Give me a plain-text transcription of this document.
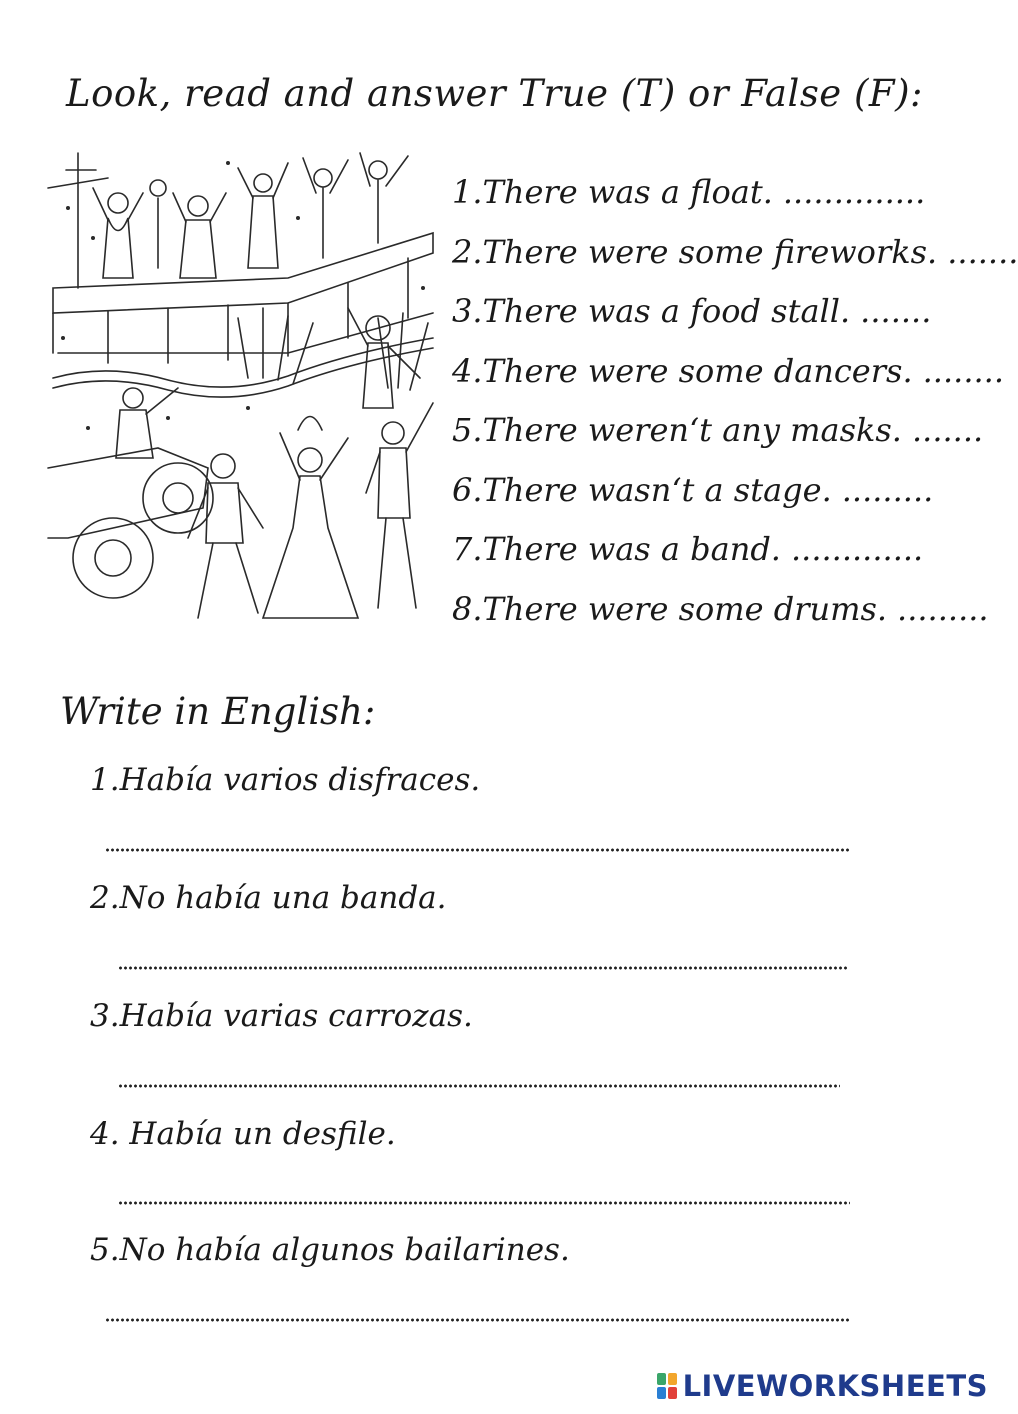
Look, read and answer True (T) or False (F):
1.There was a float. ..............
2.There were some fireworks. .......
3.There was a food stall. .......
4.There were some dancers. ........
5.There weren‘t any masks. .......
6.There wasn‘t a stage. .........
7.There was a band. .............
8.There were some drums. .........
Write in English:
1.Había varios disfraces.
2.No había una banda.
3.Había varias carrozas.
4. Había un desfile.
5.No había algunos bailarines.
LIVEWORKSHEETS
